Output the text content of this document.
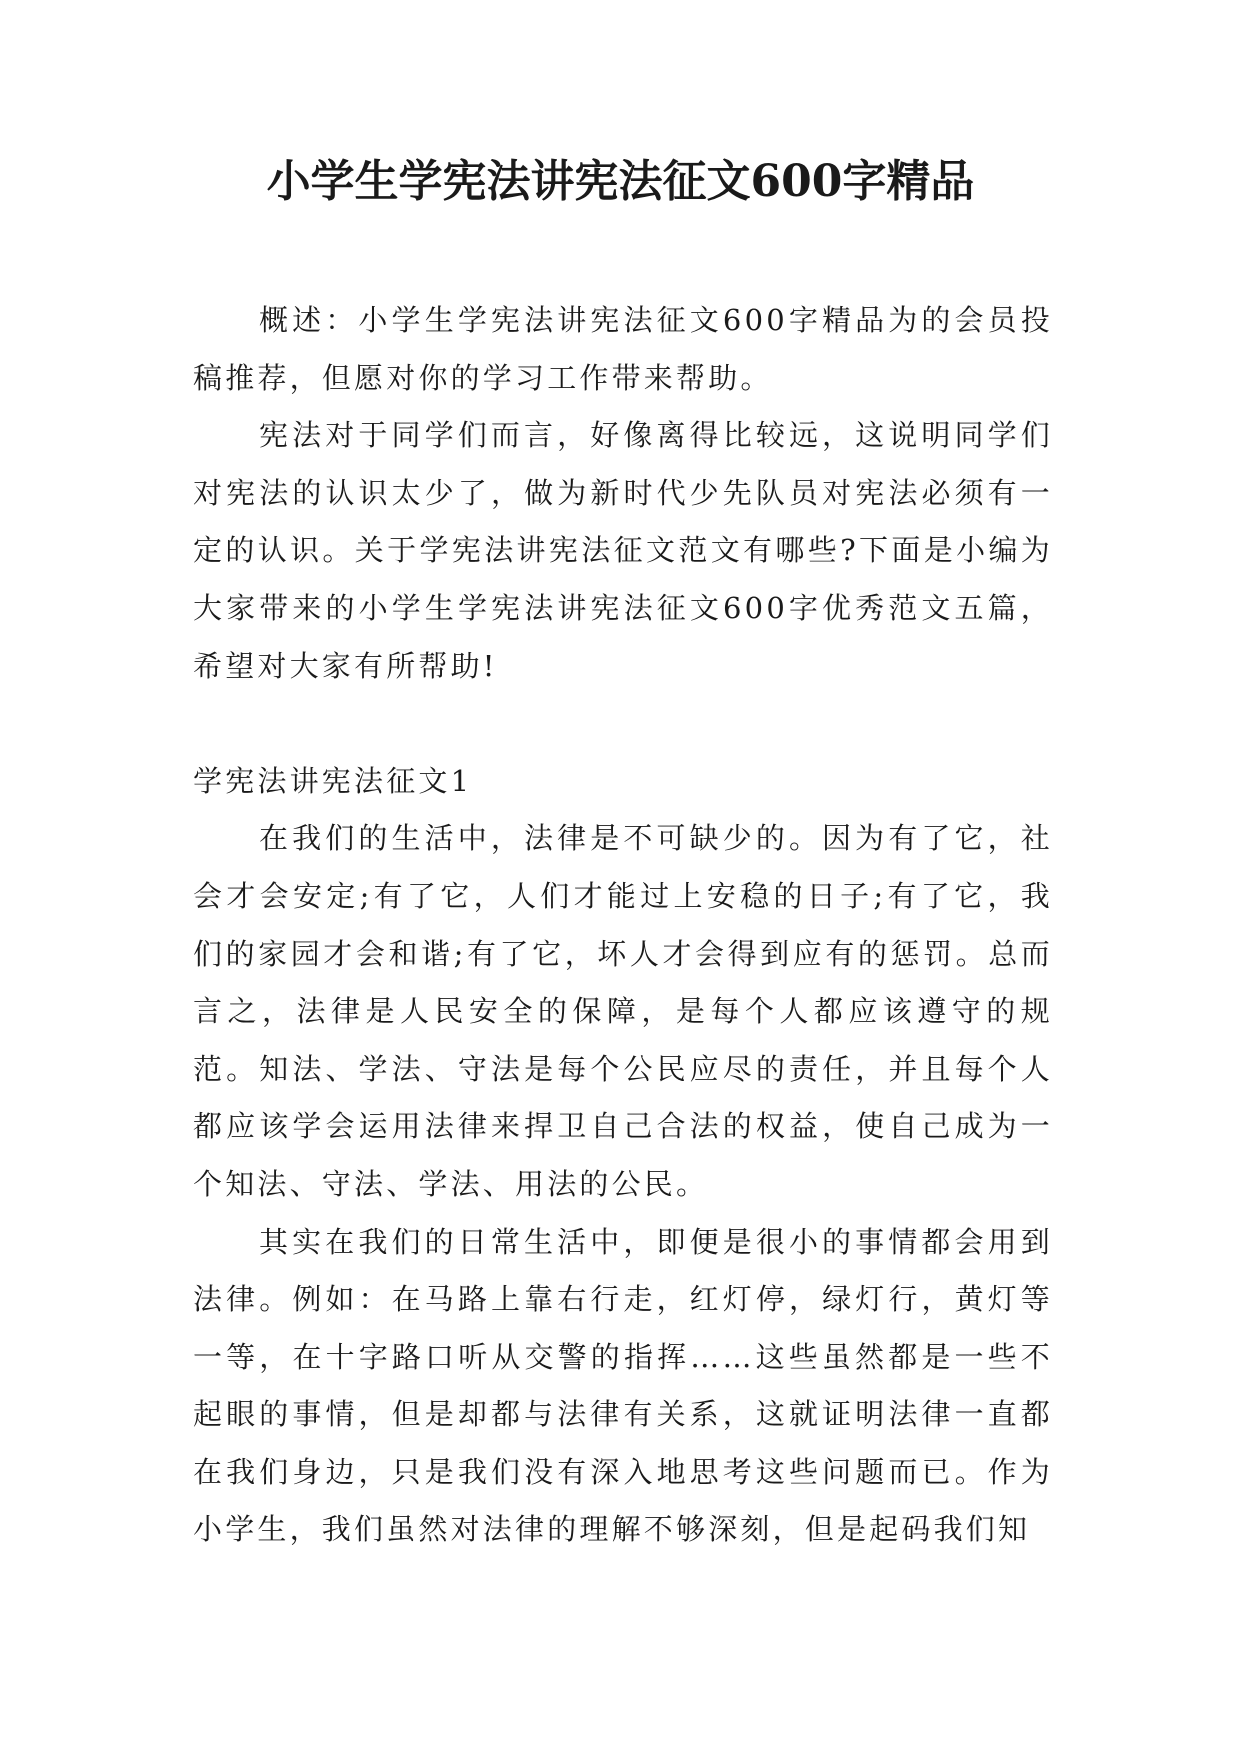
小学生学宪法讲宪法征文600字精品

概述：小学生学宪法讲宪法征文600字精品为的会员投稿推荐，但愿对你的学习工作带来帮助。

宪法对于同学们而言，好像离得比较远，这说明同学们对宪法的认识太少了，做为新时代少先队员对宪法必须有一定的认识。关于学宪法讲宪法征文范文有哪些?下面是小编为大家带来的小学生学宪法讲宪法征文600字优秀范文五篇，希望对大家有所帮助!

学宪法讲宪法征文1

在我们的生活中，法律是不可缺少的。因为有了它，社会才会安定;有了它，人们才能过上安稳的日子;有了它，我们的家园才会和谐;有了它，坏人才会得到应有的惩罚。总而言之，法律是人民安全的保障，是每个人都应该遵守的规范。知法、学法、守法是每个公民应尽的责任，并且每个人都应该学会运用法律来捍卫自己合法的权益，使自己成为一个知法、守法、学法、用法的公民。

其实在我们的日常生活中，即便是很小的事情都会用到法律。例如：在马路上靠右行走，红灯停，绿灯行，黄灯等一等，在十字路口听从交警的指挥……这些虽然都是一些不起眼的事情，但是却都与法律有关系，这就证明法律一直都在我们身边，只是我们没有深入地思考这些问题而已。作为小学生，我们虽然对法律的理解不够深刻，但是起码我们知
